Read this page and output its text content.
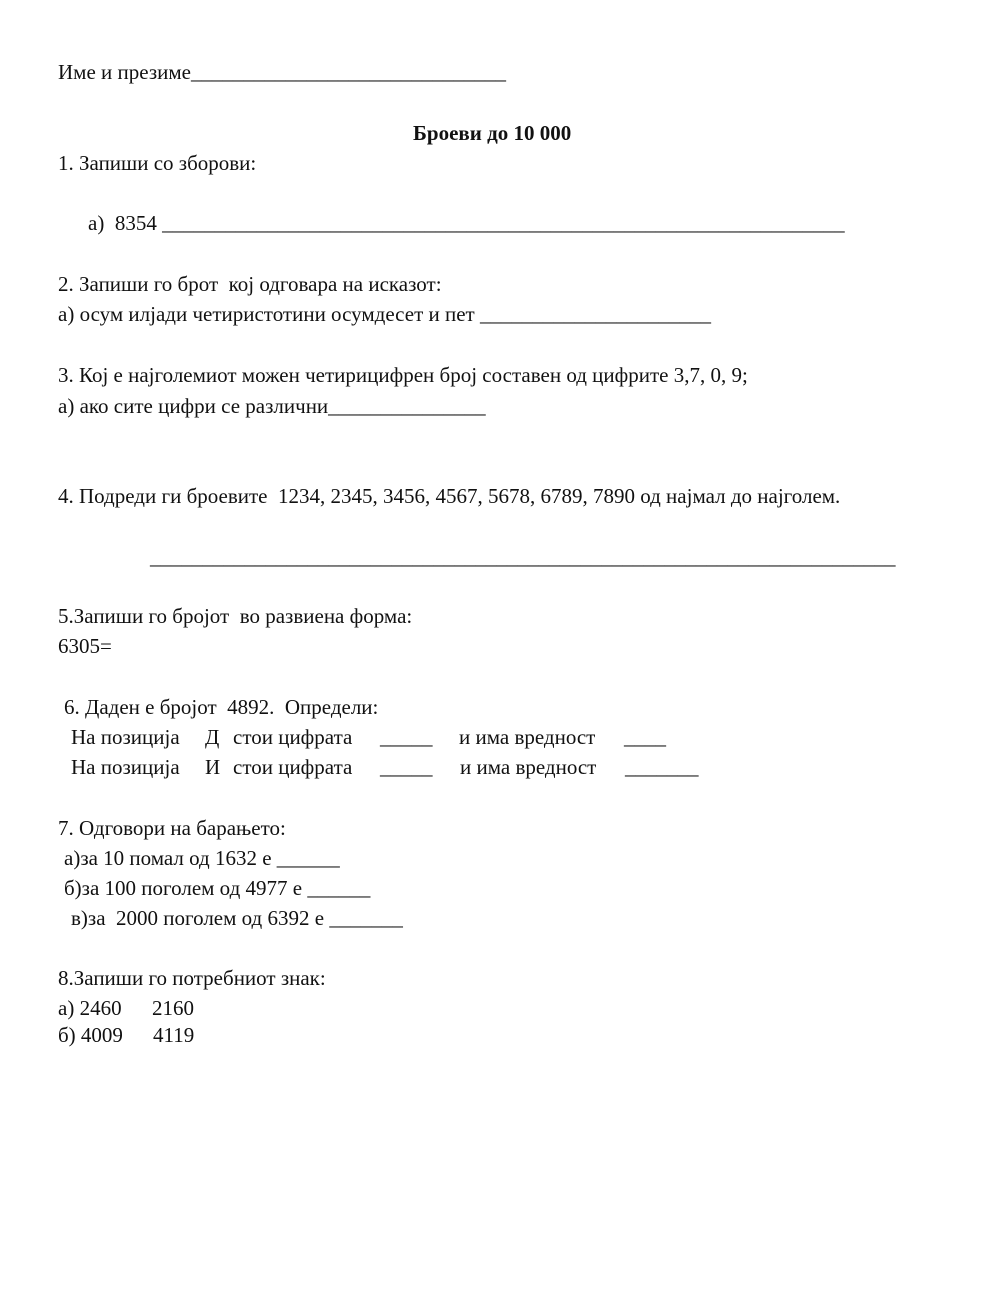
Име и презиме______________________________
Броеви до 10 000
1. Запиши со зборови:
а)  8354 _________________________________________________________________
2. Запиши го брот  кој одговара на исказот:
а) осум илјади четиристотини осумдесет и пет ______________________
3. Кој е најголемиот можен четирицифрен број составен од цифрите 3,7, 0, 9;
а) ако сите цифри се различни_______________
4. Подреди ги броевите  1234, 2345, 3456, 4567, 5678, 6789, 7890 од најмал до најголем.
_______________________________________________________________________
5.Запиши го бројот  во развиена форма:
6305=
6. Даден е бројот  4892.  Определи:
На позиција Д стои цифрата _____ и има вредност ____
На позиција И стои цифрата _____ и има вредност _______
7. Одговори на барањето:
а)за 10 помал од 1632 е ______
б)за 100 поголем од 4977 е ______
в)за  2000 поголем од 6392 е _______
8.Запиши го потребниот знак:
а) 2460 2160
б) 4009 4119
